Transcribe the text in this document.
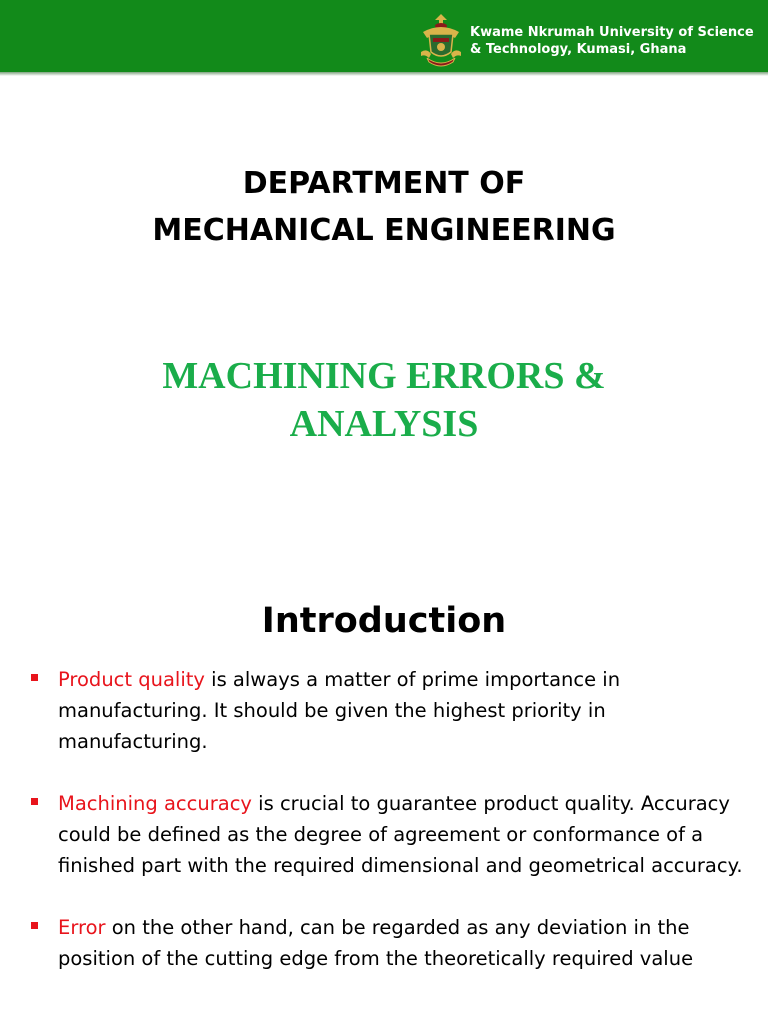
Kwame Nkrumah University of Science & Technology, Kumasi, Ghana
DEPARTMENT OF
MECHANICAL ENGINEERING
MACHINING ERRORS &
ANALYSIS
Introduction
Product quality is always a matter of prime importance in manufacturing. It should be given the highest priority in manufacturing.
Machining accuracy is crucial to guarantee product quality. Accuracy could be defined as the degree of agreement or conformance of a finished part with the required dimensional and geometrical accuracy.
Error on the other hand, can be regarded as any deviation in the position of the cutting edge from the theoretically required value
